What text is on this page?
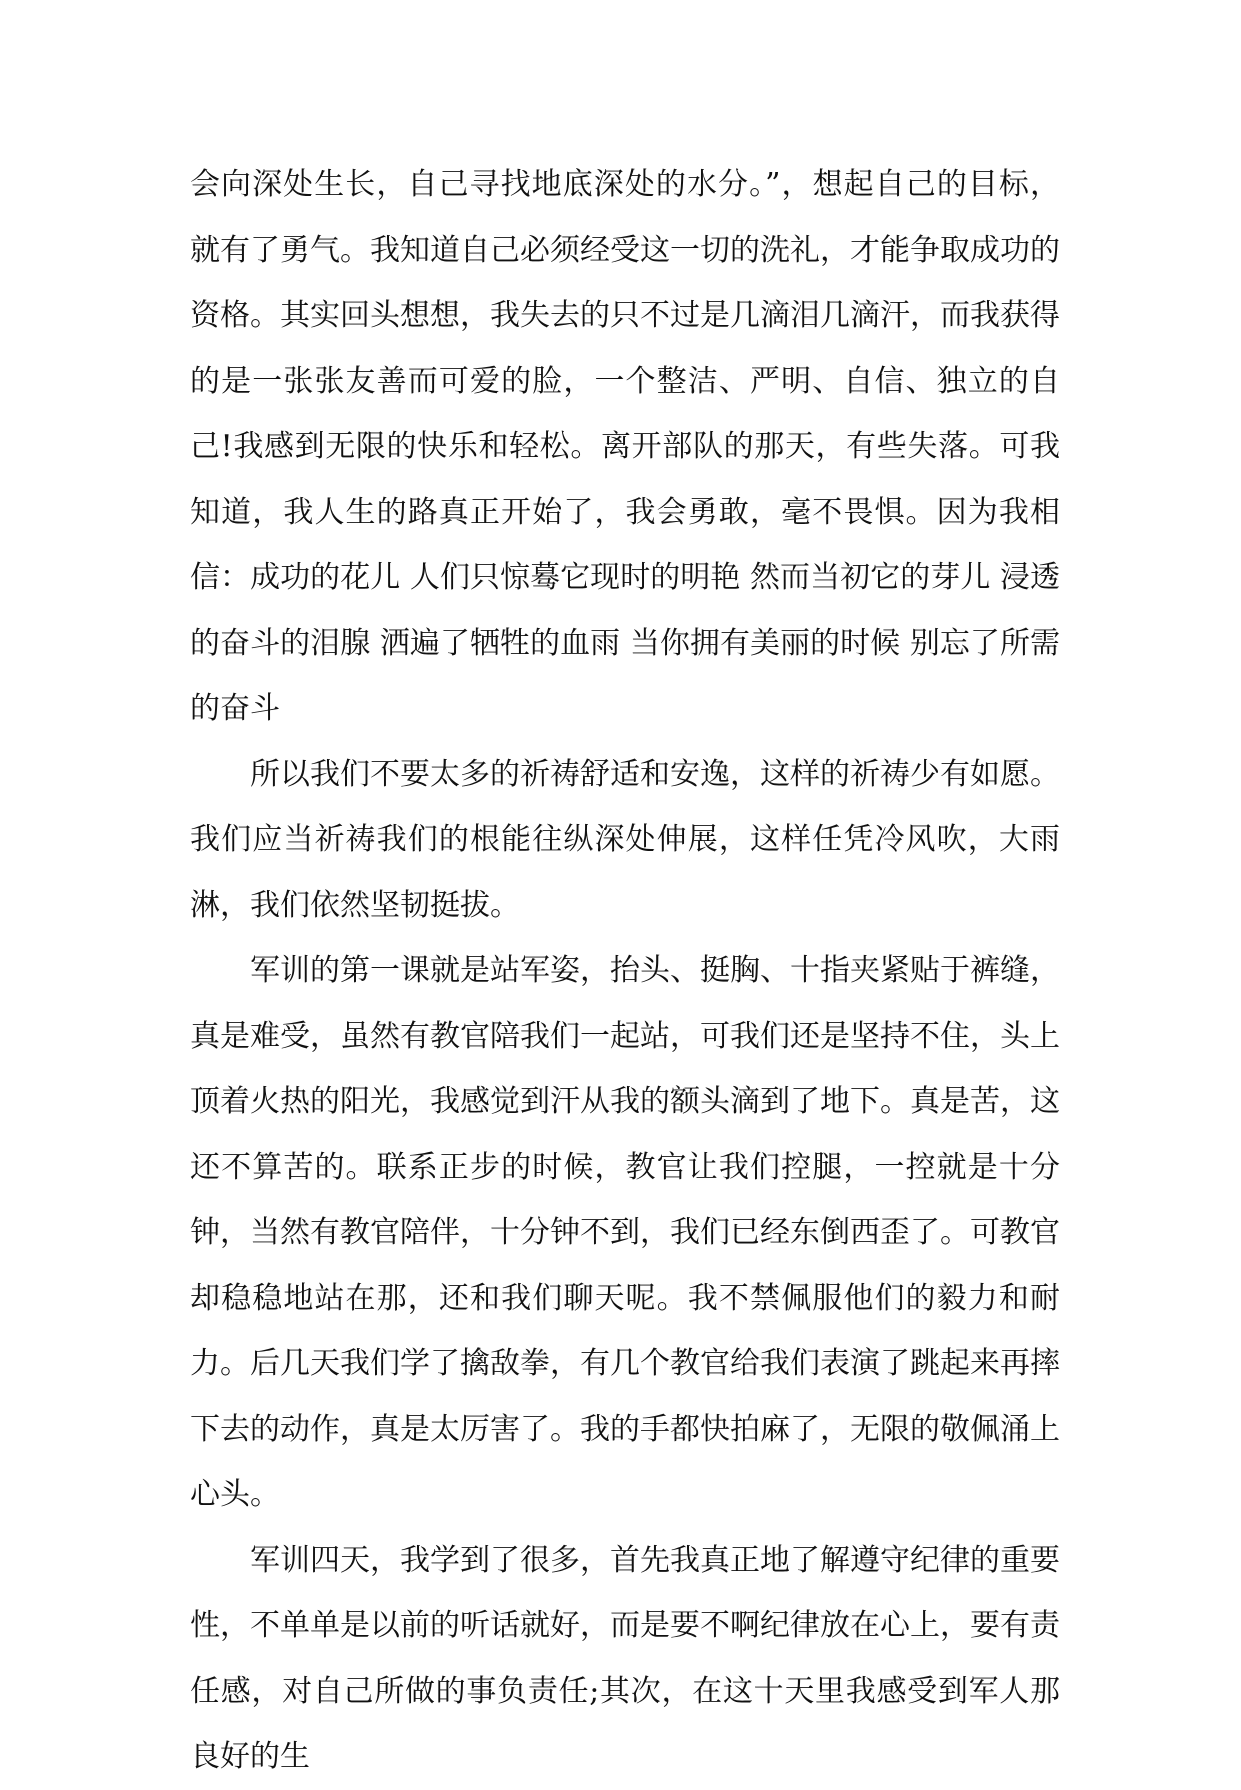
会向深处生长，自己寻找地底深处的水分。”，想起自己的目标，就有了勇气。我知道自己必须经受这一切的洗礼，才能争取成功的资格。其实回头想想，我失去的只不过是几滴泪几滴汗，而我获得的是一张张友善而可爱的脸，一个整洁、严明、自信、独立的自己!我感到无限的快乐和轻松。离开部队的那天，有些失落。可我知道，我人生的路真正开始了，我会勇敢，毫不畏惧。因为我相信：成功的花儿 人们只惊蓦它现时的明艳 然而当初它的芽儿 浸透的奋斗的泪腺 洒遍了牺牲的血雨 当你拥有美丽的时候 别忘了所需的奋斗

所以我们不要太多的祈祷舒适和安逸，这样的祈祷少有如愿。我们应当祈祷我们的根能往纵深处伸展，这样任凭冷风吹，大雨淋，我们依然坚韧挺拔。

军训的第一课就是站军姿，抬头、挺胸、十指夹紧贴于裤缝，真是难受，虽然有教官陪我们一起站，可我们还是坚持不住，头上顶着火热的阳光，我感觉到汗从我的额头滴到了地下。真是苦，这还不算苦的。联系正步的时候，教官让我们控腿，一控就是十分钟，当然有教官陪伴，十分钟不到，我们已经东倒西歪了。可教官却稳稳地站在那，还和我们聊天呢。我不禁佩服他们的毅力和耐力。后几天我们学了擒敌拳，有几个教官给我们表演了跳起来再摔下去的动作，真是太厉害了。我的手都快拍麻了，无限的敬佩涌上心头。

军训四天，我学到了很多，首先我真正地了解遵守纪律的重要性，不单单是以前的听话就好，而是要不啊纪律放在心上，要有责任感，对自己所做的事负责任;其次，在这十天里我感受到军人那良好的生
